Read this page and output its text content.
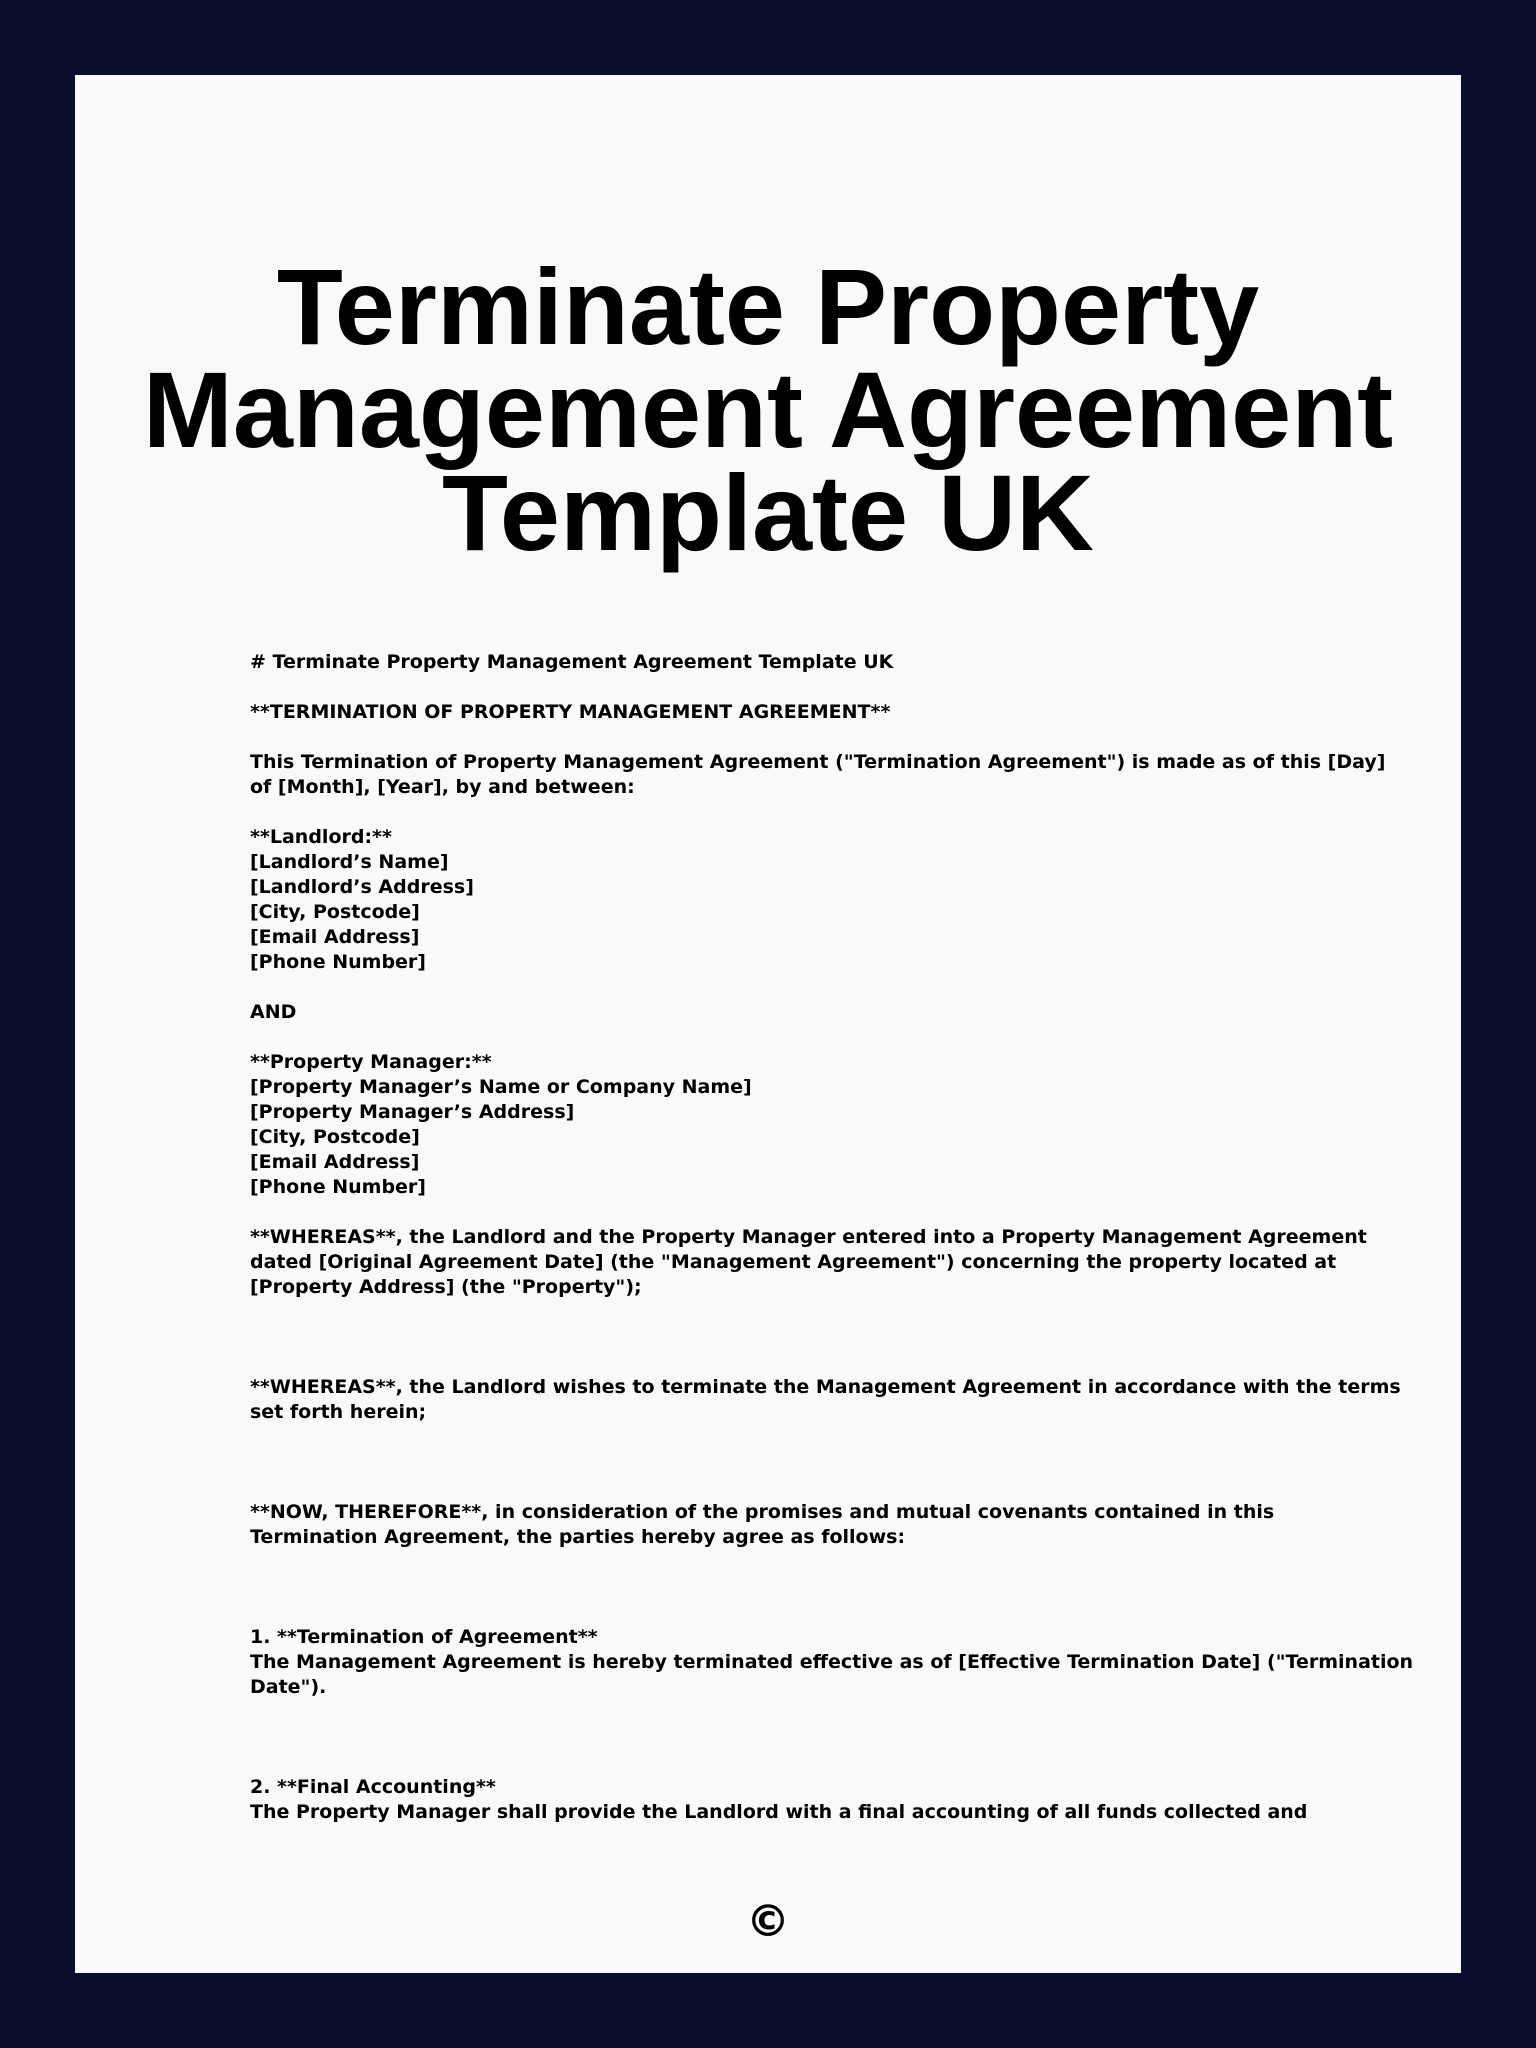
Terminate Property
Management Agreement
Template UK

# Terminate Property Management Agreement Template UK

**TERMINATION OF PROPERTY MANAGEMENT AGREEMENT**

This Termination of Property Management Agreement ("Termination Agreement") is made as of this [Day]

of [Month], [Year], by and between:

**Landlord:**

[Landlord’s Name]

[Landlord’s Address]

[City, Postcode]

[Email Address]

[Phone Number]

AND

**Property Manager:**

[Property Manager’s Name or Company Name]

[Property Manager’s Address]

[City, Postcode]

[Email Address]

[Phone Number]

**WHEREAS**, the Landlord and the Property Manager entered into a Property Management Agreement

dated [Original Agreement Date] (the "Management Agreement") concerning the property located at

[Property Address] (the "Property");

**WHEREAS**, the Landlord wishes to terminate the Management Agreement in accordance with the terms

set forth herein;

**NOW, THEREFORE**, in consideration of the promises and mutual covenants contained in this

Termination Agreement, the parties hereby agree as follows:

1. **Termination of Agreement**

The Management Agreement is hereby terminated effective as of [Effective Termination Date] ("Termination

Date").

2. **Final Accounting**

The Property Manager shall provide the Landlord with a final accounting of all funds collected and

©
